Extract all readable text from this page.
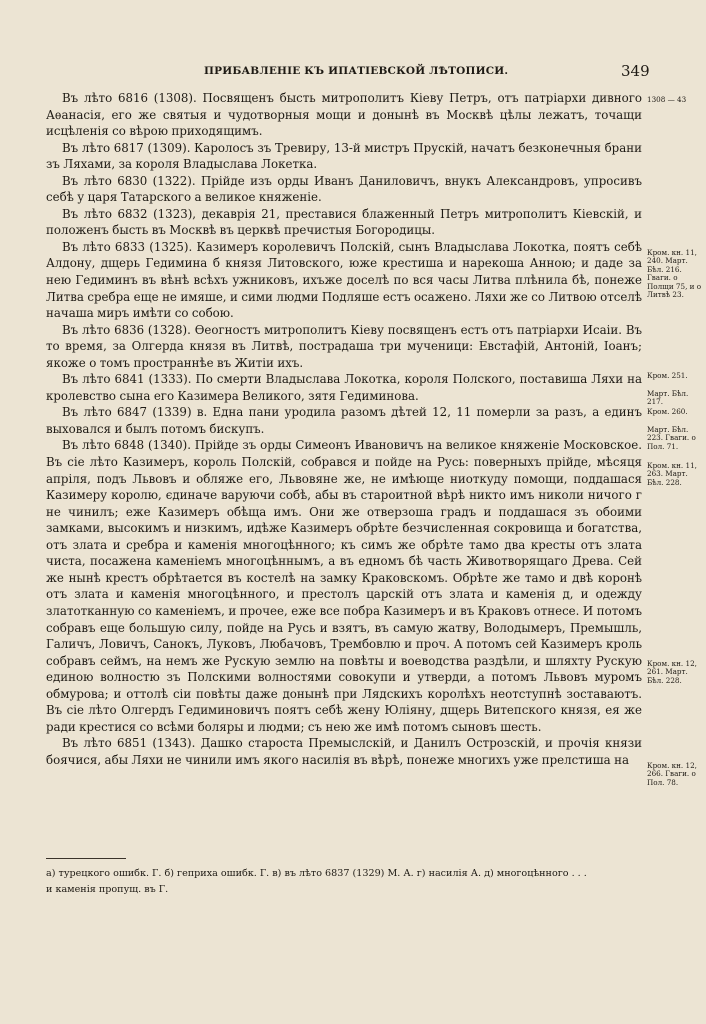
ПРИБАВЛЕНІЕ КЪ ИПАТІЕВСКОЙ ЛѢТОПИСИ.	349

Въ лѣто 6816 (1308). Посвященъ бысть митрополитъ Кіеву Петръ, отъ патріархи дивного Аѳанасія, его же святыя и чудотворныя мощи и донынѣ въ Москвѣ цѣлы лежатъ, точащи исцѣленія со вѣрою приходящимъ.

Въ лѣто 6817 (1309). Каролосъ зъ Тревиру, 13-й мистръ Прускій, начатъ безконечныя брани зъ Ляхами, за короля Владыслава Локетка.

Въ лѣто 6830 (1322). Прійде изъ орды Иванъ Даниловичъ, внукъ Александровъ, упросивъ себѣ у царя Татарского а великое княженіе.

Въ лѣто 6832 (1323), декаврія 21, преставися блаженный Петръ митрополитъ Кіевскій, и положенъ бысть въ Москвѣ въ церквѣ пречистыя Богородицы.

Въ лѣто 6833 (1325). Казимеръ королевичъ Полскій, сынъ Владыслава Локотка, поятъ себѣ Алдону, дщерь Гедимина б князя Литовского, юже крестиша и нарекоша Анною; и даде за нею Гедиминъ въ вѣнѣ всѣхъ ужниковъ, ихъже доселѣ по вся часы Литва плѣнила бѣ, понеже Литва сребра еще не имяше, и сими людми Подляше естъ осажено. Ляхи же со Литвою отселѣ начаша миръ имѣти со собою.

Въ лѣто 6836 (1328). Ѳеогностъ митрополитъ Кіеву посвященъ естъ отъ патріархи Исаіи. Въ то время, за Олгерда князя въ Литвѣ, пострадаша три мученици: Евстафій, Антоній, Іоанъ; якоже о томъ пространнѣе въ Житіи ихъ.

Въ лѣто 6841 (1333). По смерти Владыслава Локотка, короля Полского, поставиша Ляхи на кролевство сына его Казимера Великого, зятя Гедиминова.

Въ лѣто 6847 (1339) в. Една пани уродила разомъ дѣтей 12, 11 померли за разъ, а единъ выховался и былъ потомъ бискупъ.

Въ лѣто 6848 (1340). Прійде зъ орды Симеонъ Ивановичъ на великое княженіе Московское. Въ сіе лѣто Казимеръ, король Полскій, собрався и пойде на Русь: поверныхъ прійде, мѣсяця апріля, подъ Львовъ и обляже его, Львовяне же, не имѣюще ниоткуду помощи, поддашася Казимеру королю, єдиначе варуючи собѣ, абы въ староитной вѣрѣ никто имъ николи ничого г не чинилъ; еже Казимеръ обѣща имъ. Они же отверзоша градъ и поддашася зъ обоими замками, высокимъ и низкимъ, идѣже Казимеръ обрѣте безчисленная сокровища и богатства, отъ злата и сребра и каменія многоцѣнного; къ симъ же обрѣте тамо два кресты отъ злата чиста, посажена каменіемъ многоцѣннымъ, а въ едномъ бѣ часть Животворящаго Древа. Сей же нынѣ крестъ обрѣтается въ костелѣ на замку Краковскомъ. Обрѣте же тамо и двѣ коронѣ отъ злата и каменія многоцѣнного, и престолъ царскій отъ злата и каменія д, и одежду златотканную со каменіемъ, и прочее, еже все побра Казимеръ и въ Краковъ отнесе. И потомъ собравъ еще большую силу, пойде на Русь и взятъ, въ самую жатву, Володымеръ, Премышль, Галичъ, Ловичъ, Санокъ, Луковъ, Любачовъ, Трембовлю и проч. А потомъ сей Казимеръ кроль собравъ сеймъ, на немъ же Рускую землю на повѣты и воеводства раздѣли, и шляхту Рускую единою волностю зъ Полскими волностями совокупи и утверди, а потомъ Львовъ муромъ обмурова; и оттолѣ сіи повѣты даже донынѣ при Лядскихъ королѣхъ неотступнѣ зоставаютъ. Въ сіе лѣто Олгердъ Гедиминовичъ поятъ себѣ жену Юліяну, дщерь Витепского князя, ея же ради крестися со всѣми боляры и людми; съ нею же имѣ потомъ сыновъ шесть.

Въ лѣто 6851 (1343). Дашко староста Премыслскій, и Данилъ Острозскій, и прочія князи боячися, абы Ляхи не чинили имъ якого насилія въ вѣрѣ, понеже многихъ уже прелстиша на

1308 — 43
Кром. кн. 11, 240. Март. Бѣл. 216. Гваги. о Полщи 75, и о Литвѣ 23.
Кром. 251.
Март. Бѣл. 217.
Кром. 260.
Март. Бѣл. 223. Гваги. о Пол. 71.
Кром. кн. 11, 263. Март. Бѣл. 228.
Кром. кн. 12, 261. Март. Бѣл. 228.
Кром. кн. 12, 266. Гваги. о Пол. 78.
а) турецкого ошибк. Г. б) геприха ошибк. Г. в) въ лѣто 6837 (1329) М. А. г) насилія А. д) многоцѣнного . . .
и каменія пропущ. въ Г.
